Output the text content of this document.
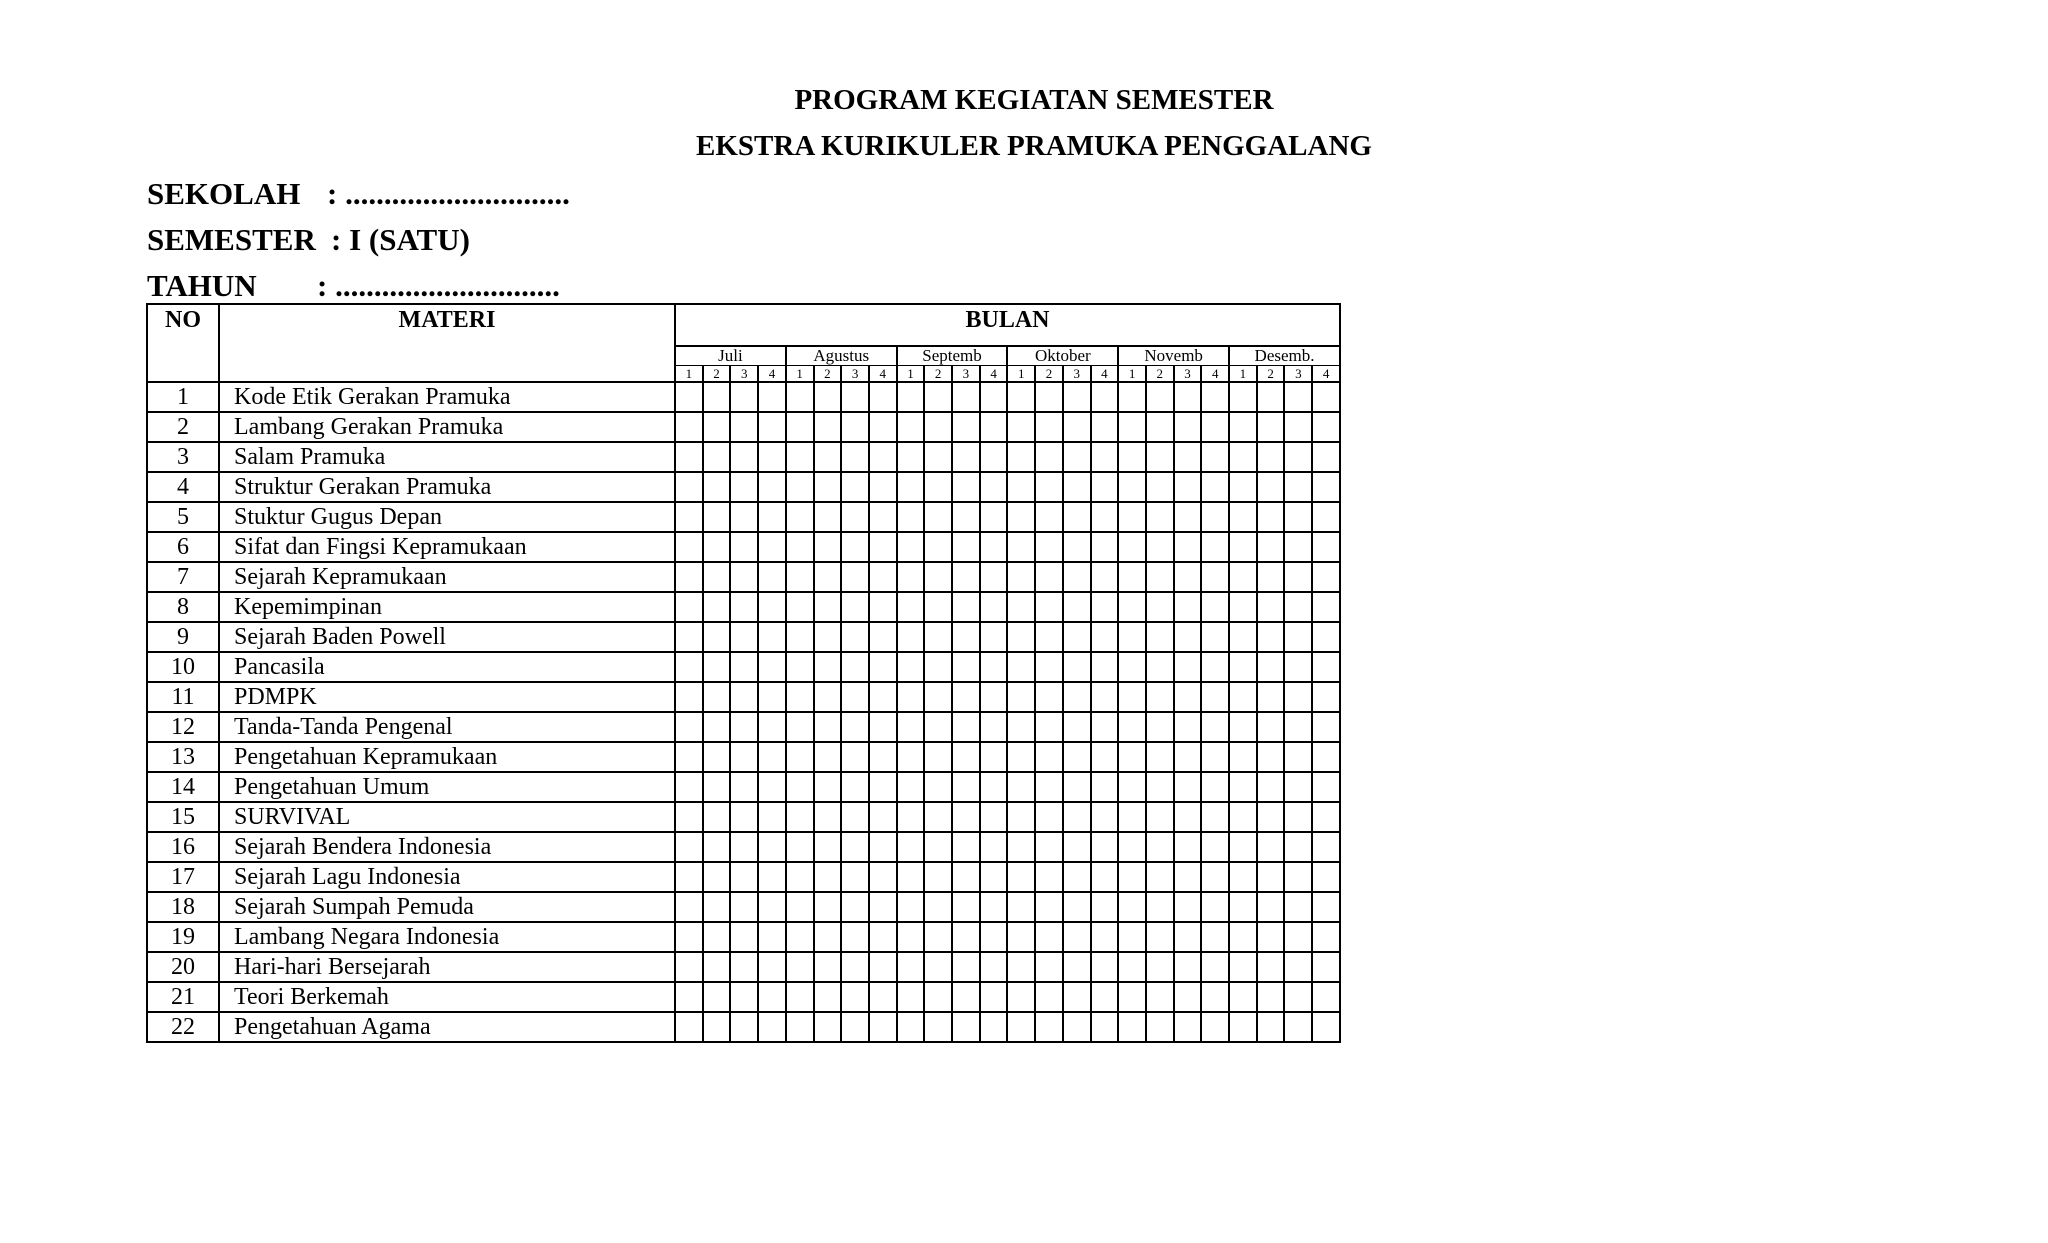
PROGRAM KEGIATAN SEMESTER
EKSTRA KURIKULER PRAMUKA PENGGALANG
SEKOLAH : .............................
SEMESTER : I (SATU)
TAHUN : .............................
NO	MATERI	BULAN																							
		Juli				Agustus				Septemb				Oktober				Novemb				Desemb.			
		1	2	3	4	1	2	3	4	1	2	3	4	1	2	3	4	1	2	3	4	1	2	3	4
1	Kode Etik Gerakan Pramuka																								
2	Lambang Gerakan Pramuka																								
3	Salam Pramuka																								
4	Struktur Gerakan Pramuka																								
5	Stuktur Gugus Depan																								
6	Sifat dan Fingsi Kepramukaan																								
7	Sejarah Kepramukaan																								
8	Kepemimpinan																								
9	Sejarah Baden Powell																								
10	Pancasila																								
11	PDMPK																								
12	Tanda-Tanda Pengenal																								
13	Pengetahuan Kepramukaan																								
14	Pengetahuan Umum																								
15	SURVIVAL																								
16	Sejarah Bendera Indonesia																								
17	Sejarah Lagu Indonesia																								
18	Sejarah Sumpah Pemuda																								
19	Lambang Negara Indonesia																								
20	Hari-hari Bersejarah																								
21	Teori Berkemah																								
22	Pengetahuan Agama																								
